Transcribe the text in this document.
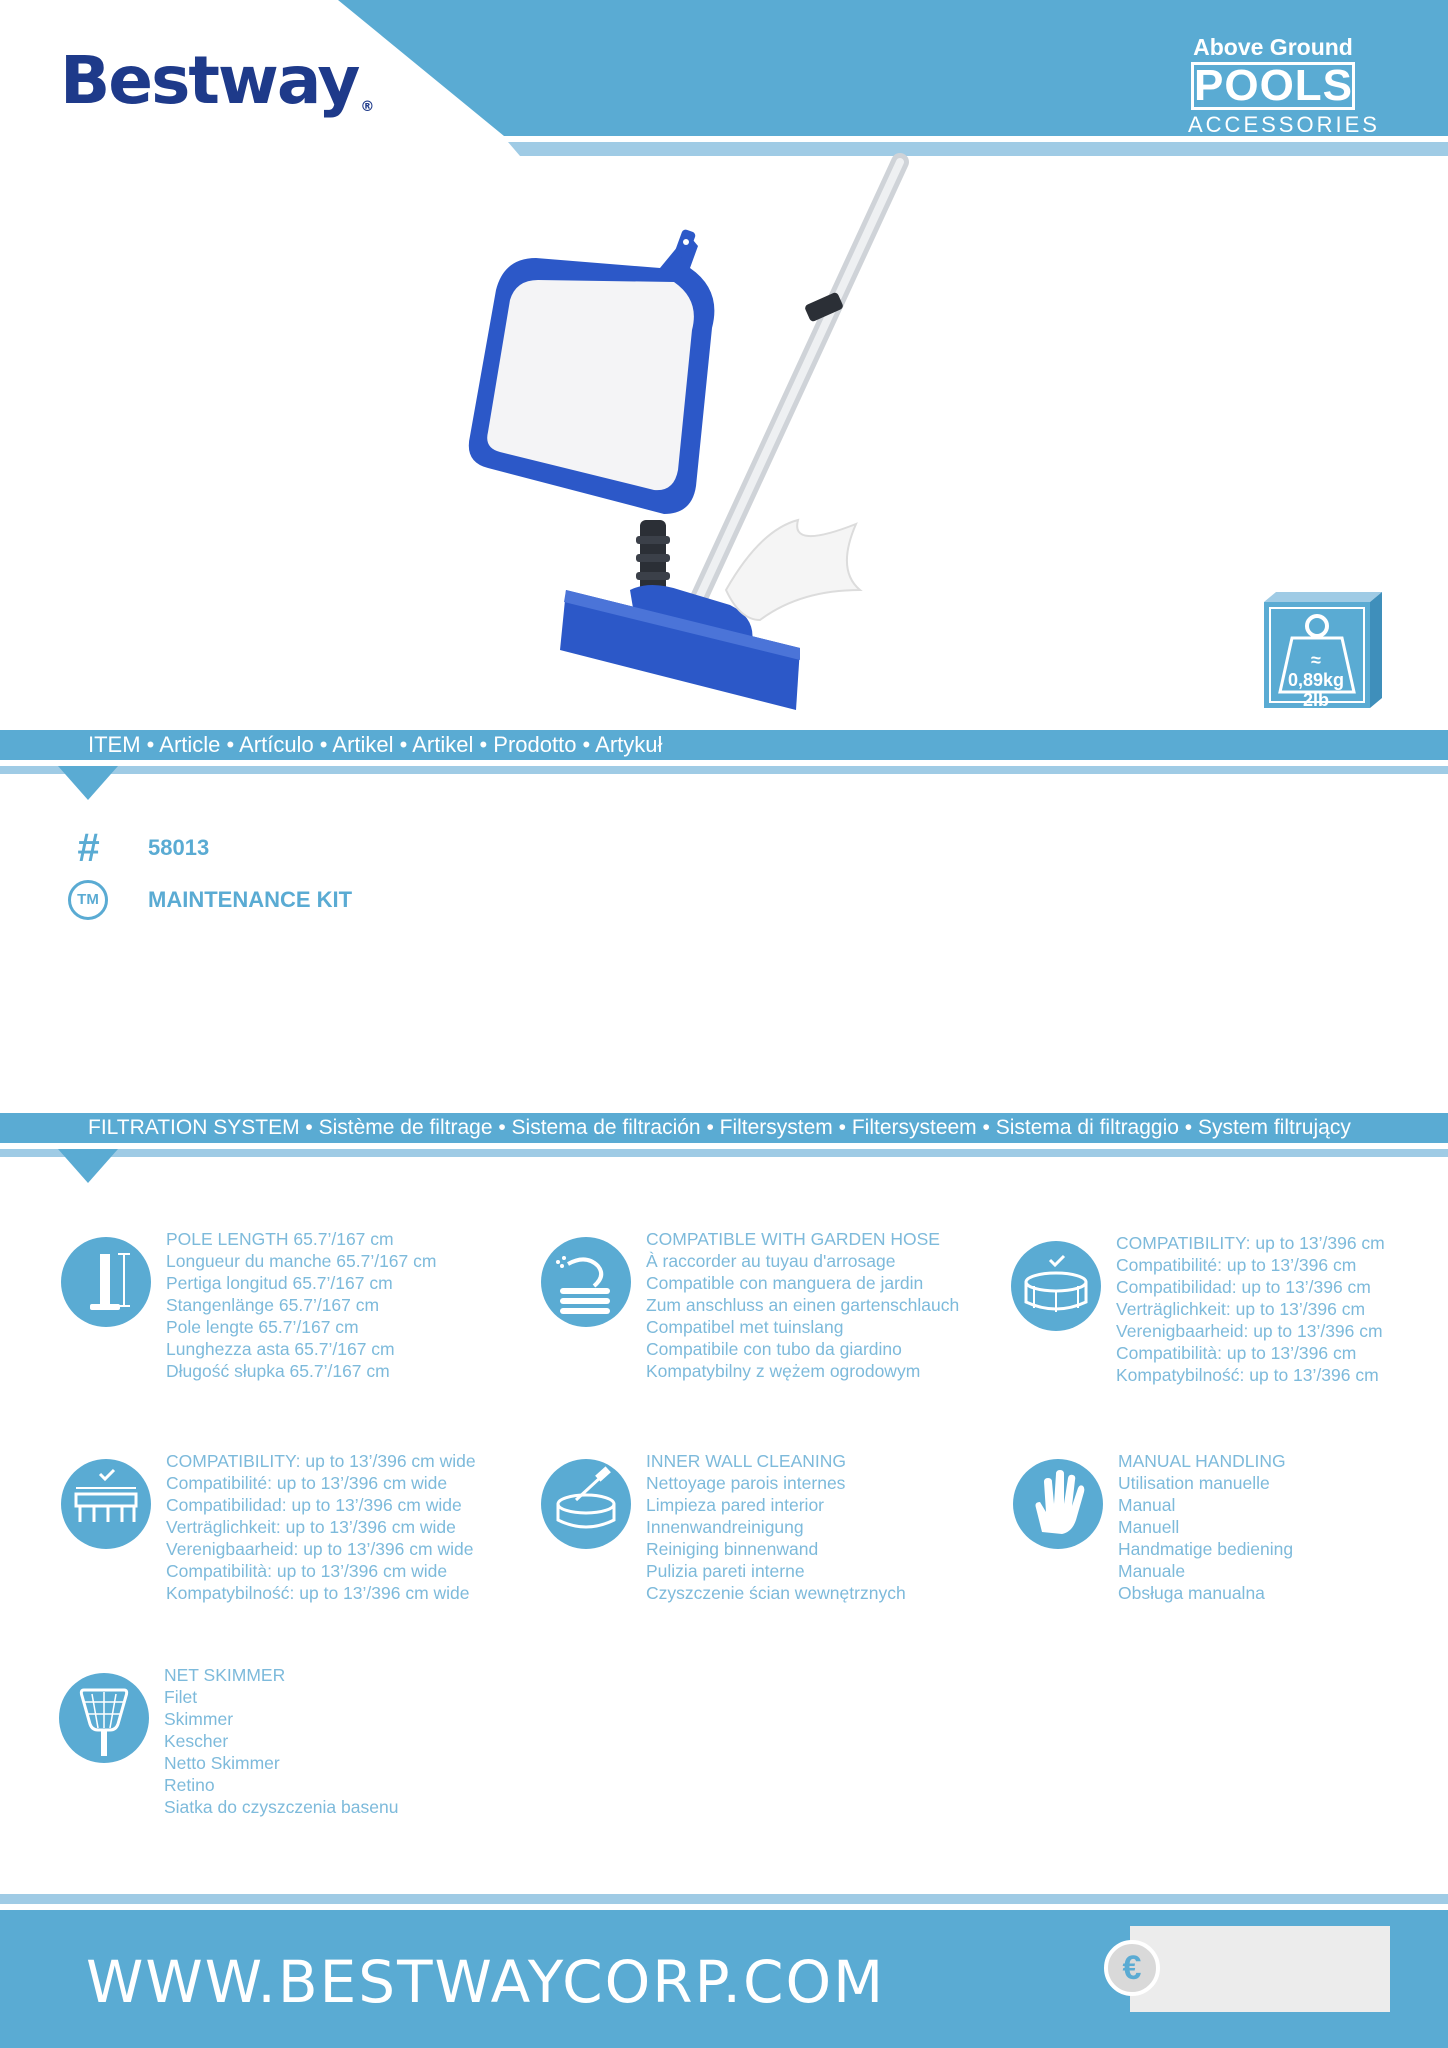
Bestway ®
Above Ground
POOLS
ACCESSORIES
≈
0,89kg
2lb
ITEM • Article • Artículo • Artikel • Artikel • Prodotto • Artykuł
# 58013
TM	MAINTENANCE KIT
FILTRATION SYSTEM • Sistème de filtrage • Sistema de filtración • Filtersystem • Filtersysteem • Sistema di filtraggio • System filtrujący
POLE LENGTH 65.7’/167 cm
Longueur du manche 65.7’/167 cm
Pertiga longitud 65.7’/167 cm
Stangenlänge 65.7’/167 cm
Pole lengte 65.7’/167 cm
Lunghezza asta 65.7’/167 cm
Długość słupka 65.7’/167 cm
COMPATIBLE WITH GARDEN HOSE
À raccorder au tuyau d'arrosage
Compatible con manguera de jardin
Zum anschluss an einen gartenschlauch
Compatibel met tuinslang
Compatibile con tubo da giardino
Kompatybilny z wężem ogrodowym
COMPATIBILITY: up to 13’/396 cm
Compatibilité: up to 13’/396 cm
Compatibilidad: up to 13’/396 cm
Verträglichkeit: up to 13’/396 cm
Verenigbaarheid: up to 13’/396 cm
Compatibilità: up to 13’/396 cm
Kompatybilność: up to 13’/396 cm
COMPATIBILITY: up to 13’/396 cm wide
Compatibilité: up to 13’/396 cm wide
Compatibilidad: up to 13’/396 cm wide
Verträglichkeit: up to 13’/396 cm wide
Verenigbaarheid: up to 13’/396 cm wide
Compatibilità: up to 13’/396 cm wide
Kompatybilność: up to 13’/396 cm wide
INNER WALL CLEANING
Nettoyage parois internes
Limpieza pared interior
Innenwandreinigung
Reiniging binnenwand
Pulizia pareti interne
Czyszczenie ścian wewnętrznych
MANUAL HANDLING
Utilisation manuelle
Manual
Manuell
Handmatige bediening
Manuale
Obsługa manualna
NET SKIMMER
Filet
Skimmer
Kescher
Netto Skimmer
Retino
Siatka do czyszczenia basenu
WWW.BESTWAYCORP.COM	€
